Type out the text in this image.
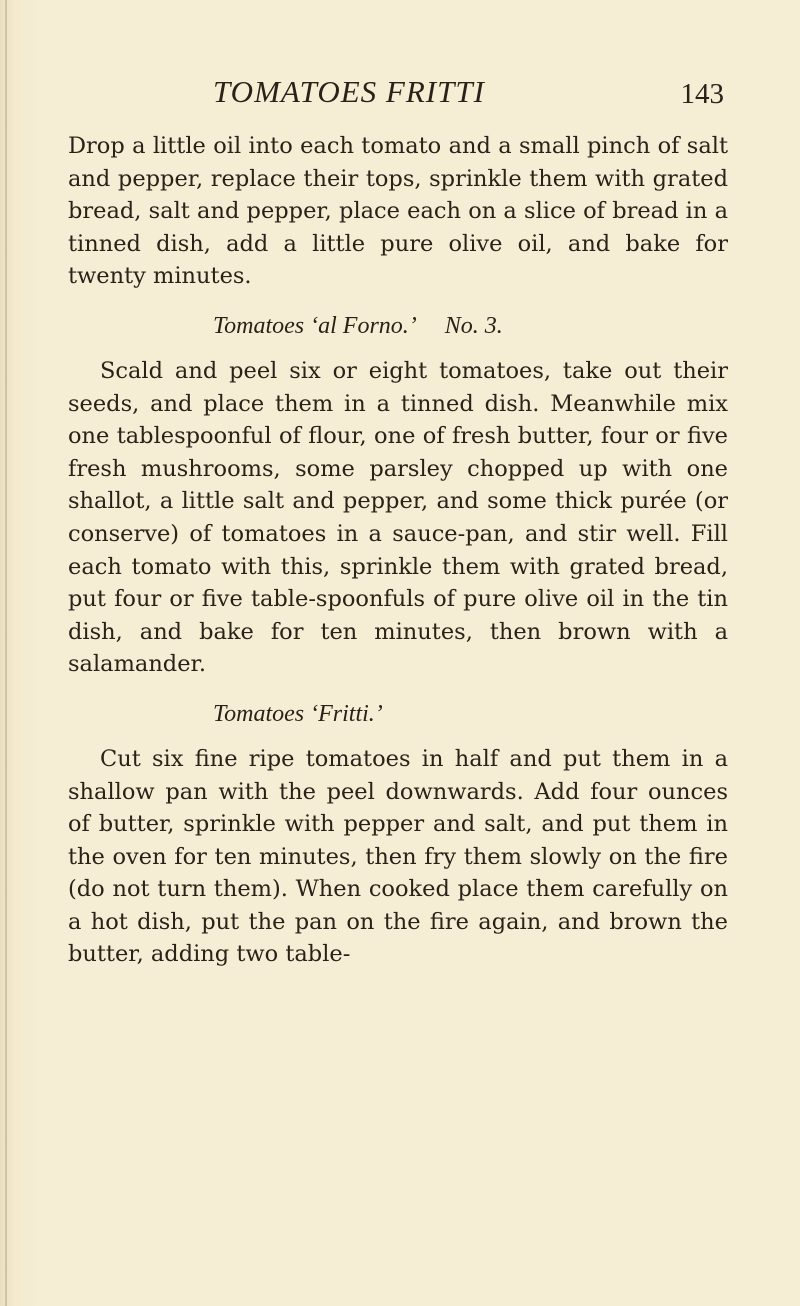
TOMATOES FRITTI	143

Drop a little oil into each tomato and a small pinch of salt and pepper, replace their tops, sprinkle them with grated bread, salt and pepper, place each on a slice of bread in a tinned dish, add a little pure olive oil, and bake for twenty minutes.

Tomatoes ‘al Forno.’ No. 3.

Scald and peel six or eight tomatoes, take out their seeds, and place them in a tinned dish. Meanwhile mix one tablespoonful of flour, one of fresh butter, four or five fresh mushrooms, some parsley chopped up with one shallot, a little salt and pepper, and some thick purée (or conserve) of tomatoes in a sauce-pan, and stir well. Fill each tomato with this, sprinkle them with grated bread, put four or five table-spoonfuls of pure olive oil in the tin dish, and bake for ten minutes, then brown with a salamander.

Tomatoes ‘Fritti.’

Cut six fine ripe tomatoes in half and put them in a shallow pan with the peel downwards. Add four ounces of butter, sprinkle with pepper and salt, and put them in the oven for ten minutes, then fry them slowly on the fire (do not turn them). When cooked place them carefully on a hot dish, put the pan on the fire again, and brown the butter, adding two table-
